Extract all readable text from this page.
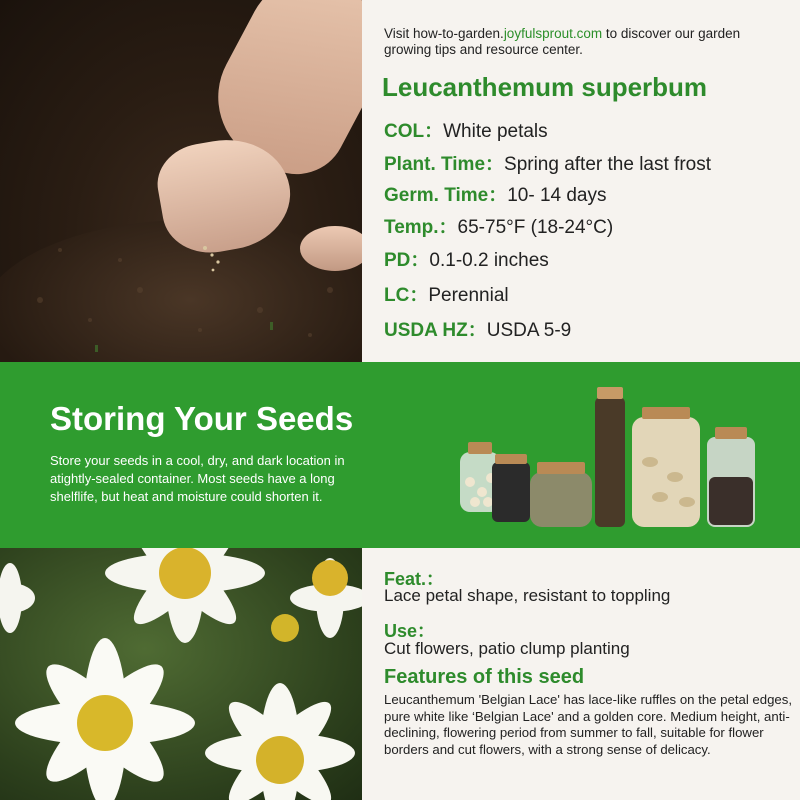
Visit how-to-garden.joyfulsprout.com to discover our garden growing tips and resource center.
Leucanthemum superbum
COL：White petals
Plant. Time：Spring after the last frost
Germ. Time：10- 14 days
Temp.：65-75°F (18-24°C)
PD：0.1-0.2 inches
LC：Perennial
USDA HZ：USDA 5-9
Storing Your Seeds
Store your seeds in a cool, dry, and dark location in atightly-sealed container. Most seeds have a long shelflife, but heat and moisture could shorten it.
Feat.：
Lace petal shape, resistant to toppling
Use：
Cut flowers, patio clump planting
Features of this seed
Leucanthemum 'Belgian Lace' has lace-like ruffles on the petal edges, pure white like ‘Belgian Lace' and a golden core. Medium height, anti-declining, flowering period from summer to fall, suitable for flower borders and cut flowers, with a strong sense of delicacy.
